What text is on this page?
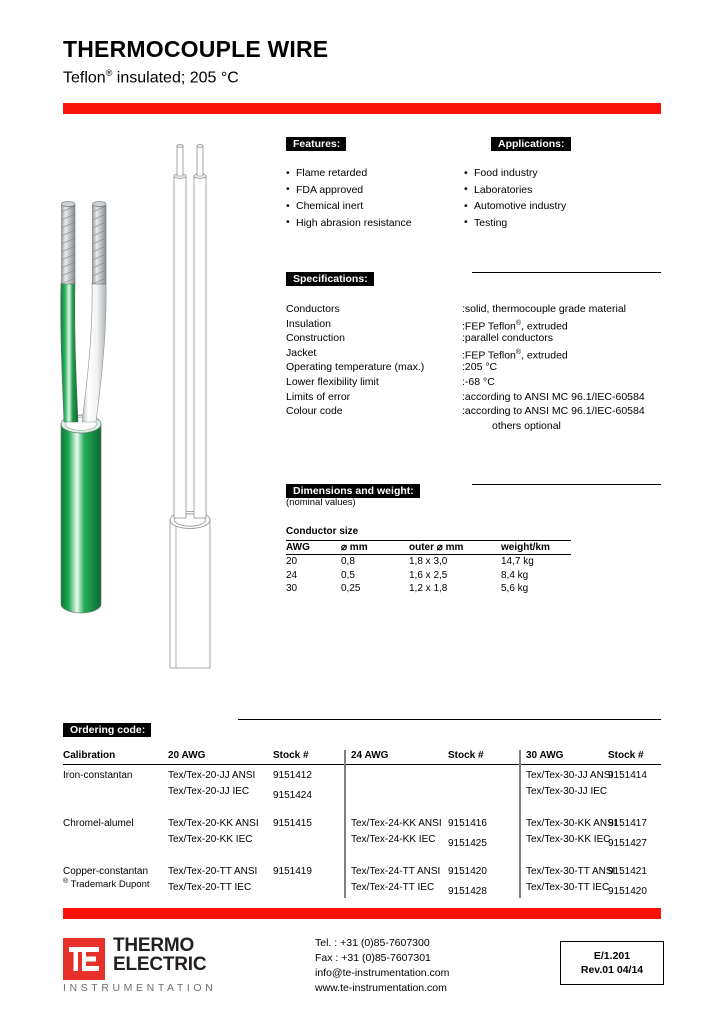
THERMOCOUPLE WIRE
Teflon® insulated; 205 °C
Features:
• Flame retarded
• FDA approved
• Chemical inert
• High abrasion resistance
Applications:
• Food industry
• Laboratories
• Automotive industry
• Testing
Specifications:
Conductors	:solid, thermocouple grade material
Insulation	:FEP Teflon®, extruded
Construction	:parallel conductors
Jacket	:FEP Teflon®, extruded
Operating temperature (max.)	:205 °C
Lower flexibility limit	:-68 °C
Limits of error	:according to ANSI MC 96.1/IEC-60584
Colour code	:according to ANSI MC 96.1/IEC-60584
others optional
Dimensions and weight:
(nominal values)
Conductor size
AWG	⌀ mm	outer ⌀ mm	weight/km
20	0,8	1,8 x 3,0	14,7 kg
24	0,5	1,6 x 2,5	8,4 kg
30	0,25	1,2 x 1,8	5,6 kg
Ordering code:
Calibration	20 AWG	Stock #	24 AWG	Stock #	30 AWG	Stock #
Iron-constantan	Tex/Tex-20-JJ ANSI	9151412			Tex/Tex-30-JJ ANSI	9151414
	Tex/Tex-20-JJ IEC	9151424			Tex/Tex-30-JJ IEC	

Chromel-alumel	Tex/Tex-20-KK ANSI	9151415	Tex/Tex-24-KK ANSI	9151416	Tex/Tex-30-KK ANSI	9151417
	Tex/Tex-20-KK IEC		Tex/Tex-24-KK IEC	9151425	Tex/Tex-30-KK IEC	9151427

Copper-constantan	Tex/Tex-20-TT ANSI	9151419	Tex/Tex-24-TT ANSI	9151420	Tex/Tex-30-TT ANSI	9151421
	Tex/Tex-20-TT IEC		Tex/Tex-24-TT IEC	9151428	Tex/Tex-30-TT IEC	9151420
® Trademark Dupont
THERMO
ELECTRIC
INSTRUMENTATION
Tel. : +31 (0)85-7607300
Fax : +31 (0)85-7607301
info@te-instrumentation.com
www.te-instrumentation.com
E/1.201
Rev.01 04/14
